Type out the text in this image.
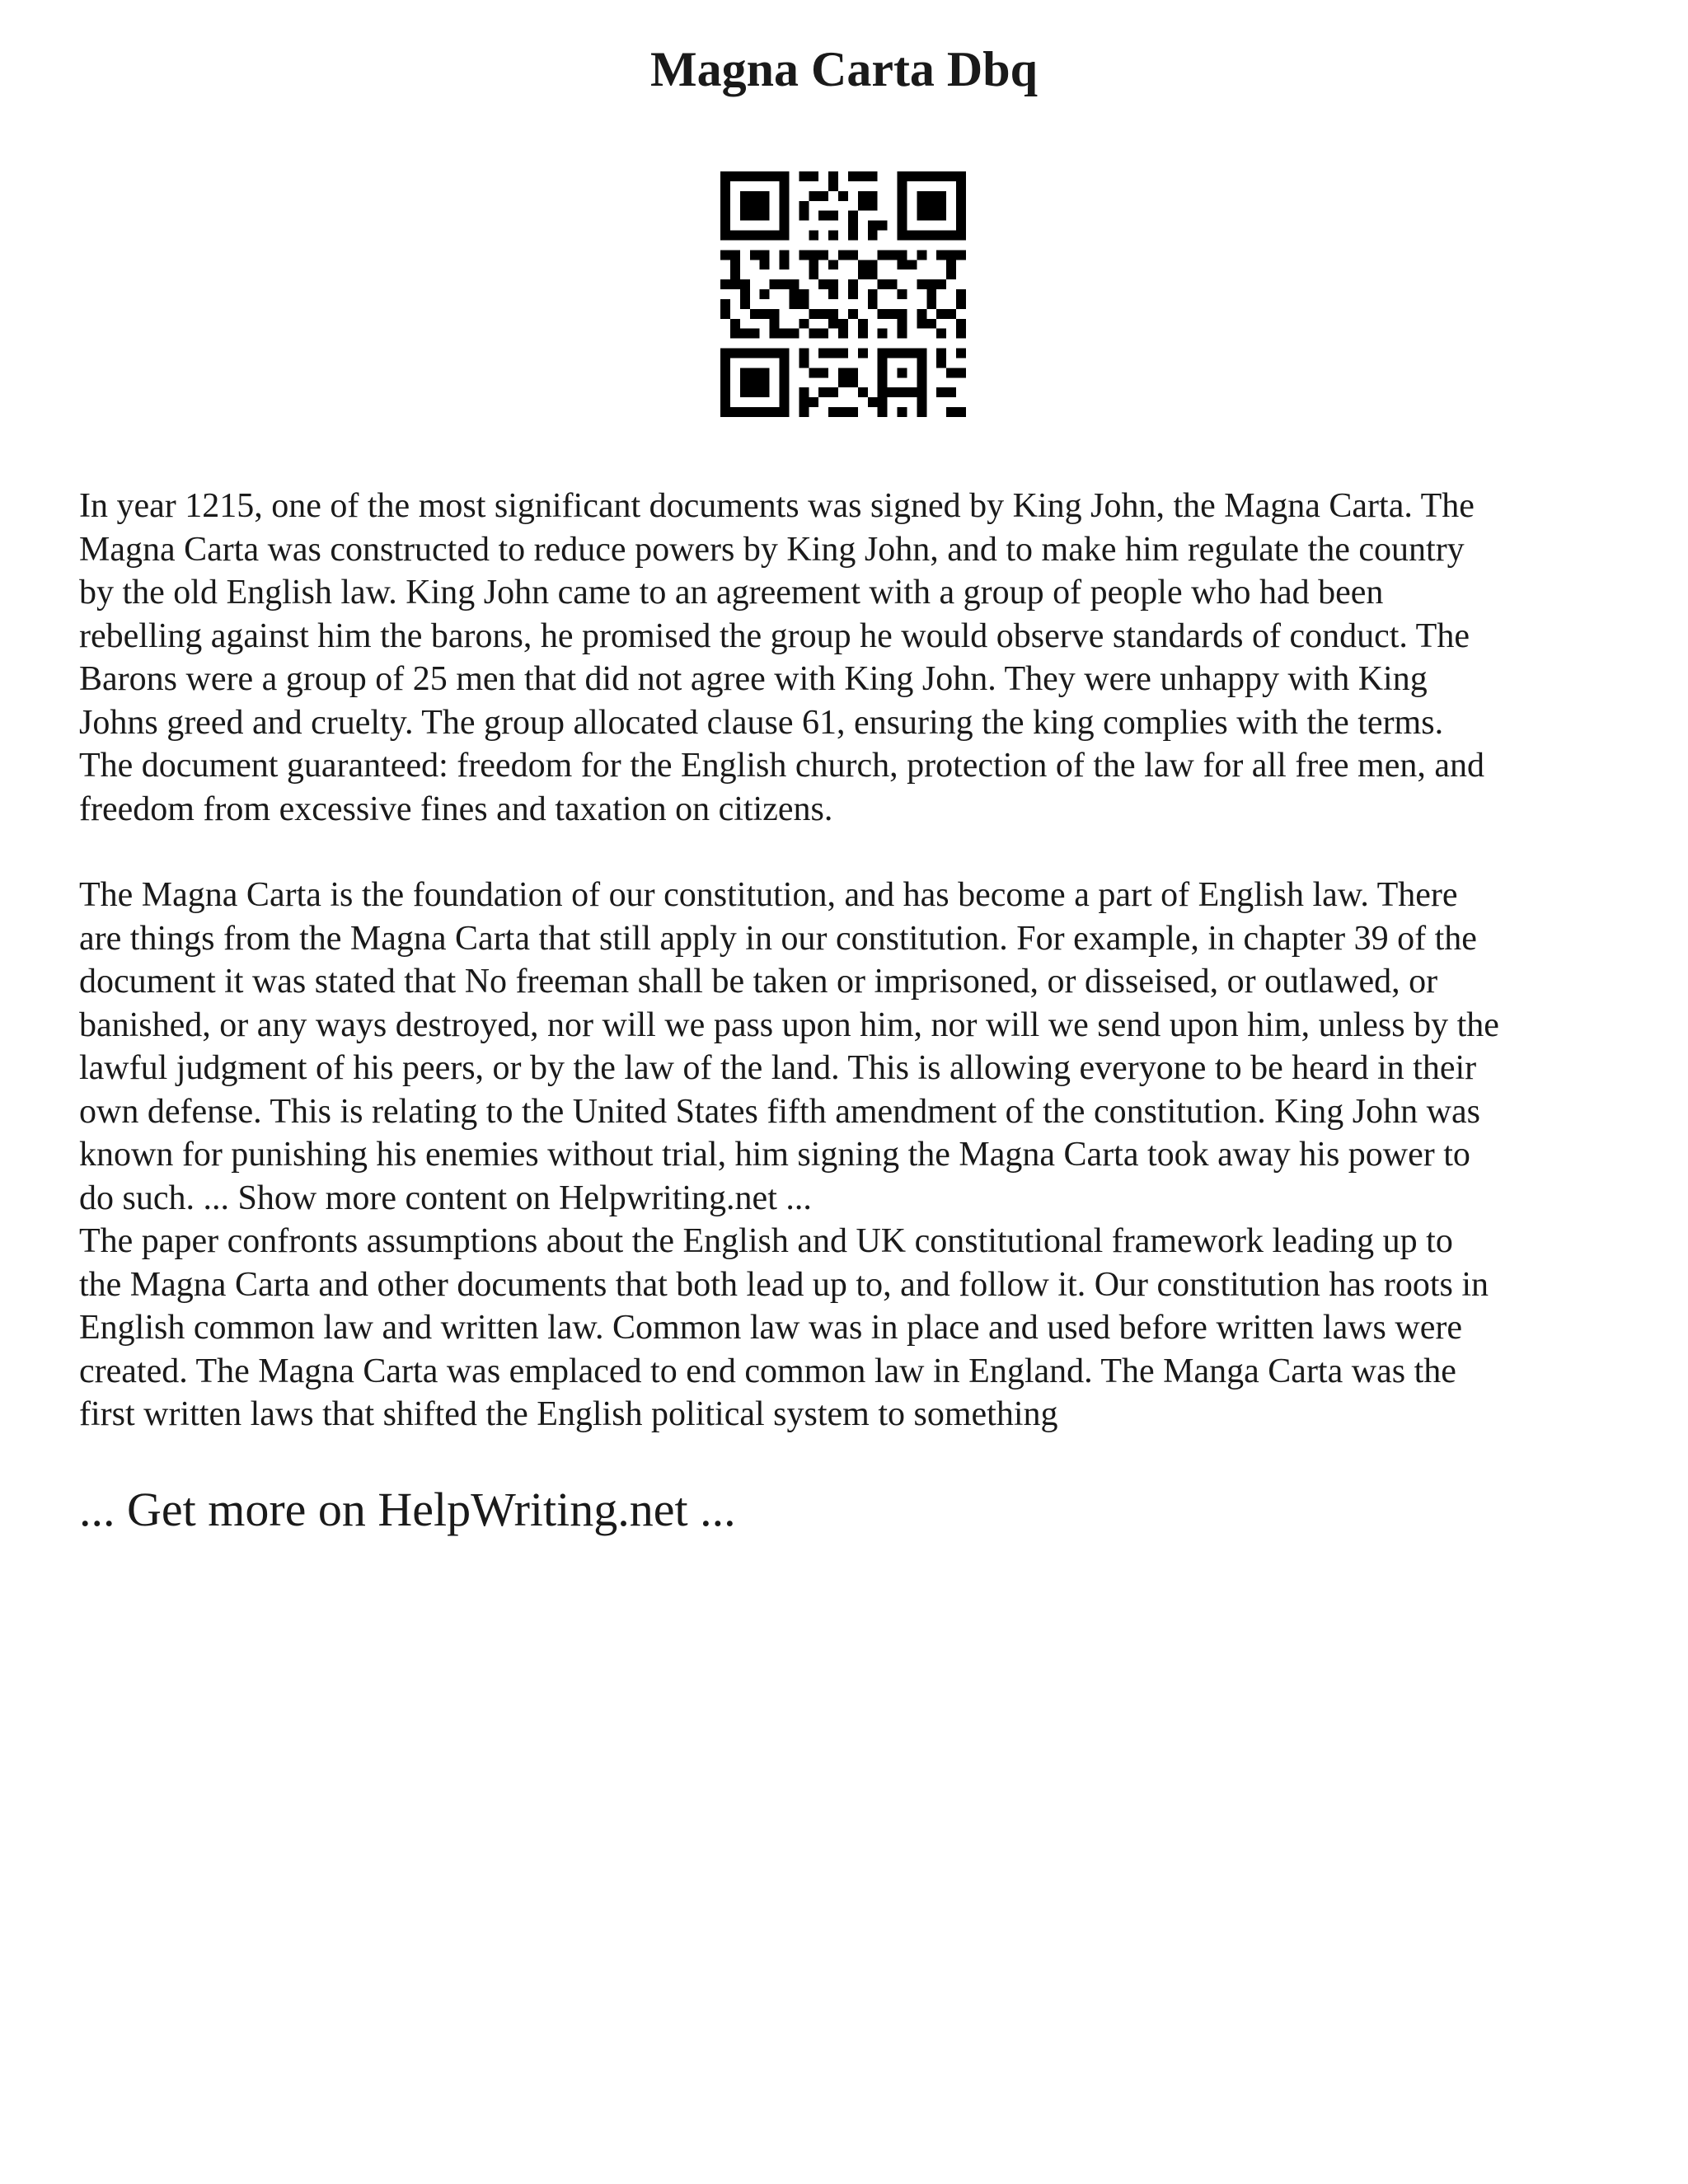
Magna Carta Dbq

In year 1215, one of the most significant documents was signed by King John, the Magna Carta. The
Magna Carta was constructed to reduce powers by King John, and to make him regulate the country
by the old English law. King John came to an agreement with a group of people who had been
rebelling against him the barons, he promised the group he would observe standards of conduct. The
Barons were a group of 25 men that did not agree with King John. They were unhappy with King
Johns greed and cruelty. The group allocated clause 61, ensuring the king complies with the terms.
The document guaranteed: freedom for the English church, protection of the law for all free men, and
freedom from excessive fines and taxation on citizens.

The Magna Carta is the foundation of our constitution, and has become a part of English law. There
are things from the Magna Carta that still apply in our constitution. For example, in chapter 39 of the
document it was stated that No freeman shall be taken or imprisoned, or disseised, or outlawed, or
banished, or any ways destroyed, nor will we pass upon him, nor will we send upon him, unless by the
lawful judgment of his peers, or by the law of the land. This is allowing everyone to be heard in their
own defense. This is relating to the United States fifth amendment of the constitution. King John was
known for punishing his enemies without trial, him signing the Magna Carta took away his power to
do such. ... Show more content on Helpwriting.net ...

The paper confronts assumptions about the English and UK constitutional framework leading up to
the Magna Carta and other documents that both lead up to, and follow it. Our constitution has roots in
English common law and written law. Common law was in place and used before written laws were
created. The Magna Carta was emplaced to end common law in England. The Manga Carta was the
first written laws that shifted the English political system to something

... Get more on HelpWriting.net ...
